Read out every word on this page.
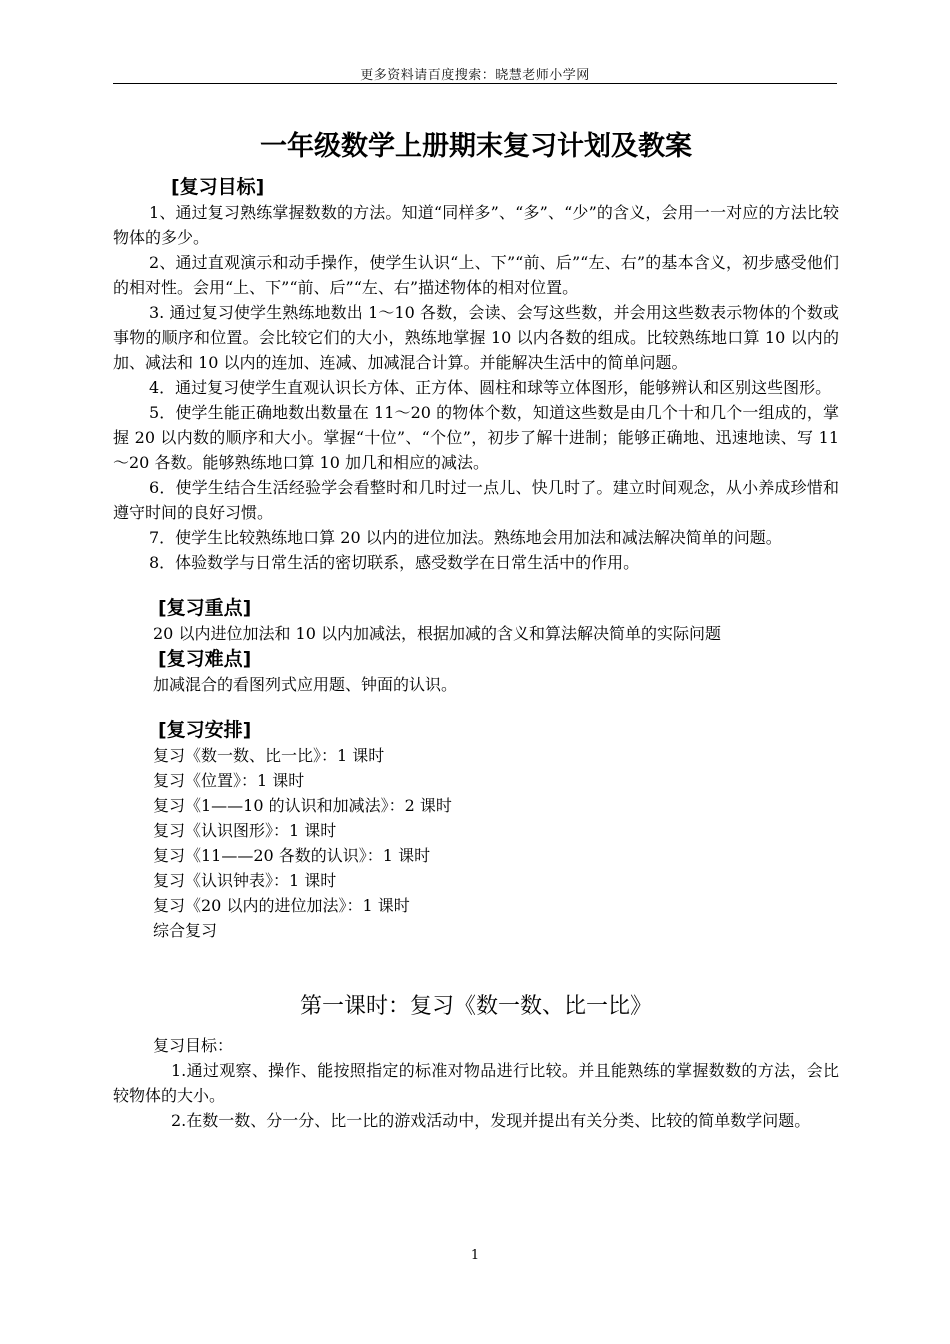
更多资料请百度搜索：晓慧老师小学网
一年级数学上册期末复习计划及教案
[复习目标]

1、通过复习熟练掌握数数的方法。知道“同样多”、“多”、“少”的含义，会用一一对应的方法比较物体的多少。

2、通过直观演示和动手操作，使学生认识“上、下”“前、后”“左、右”的基本含义，初步感受他们的相对性。会用“上、下”“前、后”“左、右”描述物体的相对位置。

3. 通过复习使学生熟练地数出 1～10 各数，会读、会写这些数，并会用这些数表示物体的个数或事物的顺序和位置。会比较它们的大小，熟练地掌握 10 以内各数的组成。比较熟练地口算 10 以内的加、减法和 10 以内的连加、连减、加减混合计算。并能解决生活中的简单问题。

4．通过复习使学生直观认识长方体、正方体、圆柱和球等立体图形，能够辨认和区别这些图形。

5．使学生能正确地数出数量在 11～20 的物体个数，知道这些数是由几个十和几个一组成的，掌握 20 以内数的顺序和大小。掌握“十位”、“个位”，初步了解十进制；能够正确地、迅速地读、写 11～20 各数。能够熟练地口算 10 加几和相应的减法。

6．使学生结合生活经验学会看整时和几时过一点儿、快几时了。建立时间观念，从小养成珍惜和遵守时间的良好习惯。

7．使学生比较熟练地口算 20 以内的进位加法。熟练地会用加法和减法解决简单的问题。

8．体验数学与日常生活的密切联系，感受数学在日常生活中的作用。

[复习重点]

20 以内进位加法和 10 以内加减法，根据加减的含义和算法解决简单的实际问题

[复习难点]

加减混合的看图列式应用题、钟面的认识。

[复习安排]

复习《数一数、比一比》：1 课时

复习《位置》：1 课时

复习《1——10 的认识和加减法》：2 课时

复习《认识图形》：1 课时

复习《11——20 各数的认识》：1 课时

复习《认识钟表》：1 课时

复习《20 以内的进位加法》：1 课时

综合复习

第一课时：复习《数一数、比一比》

复习目标：

1.通过观察、操作、能按照指定的标准对物品进行比较。并且能熟练的掌握数数的方法，会比较物体的大小。

2.在数一数、分一分、比一比的游戏活动中，发现并提出有关分类、比较的简单数学问题。

1
